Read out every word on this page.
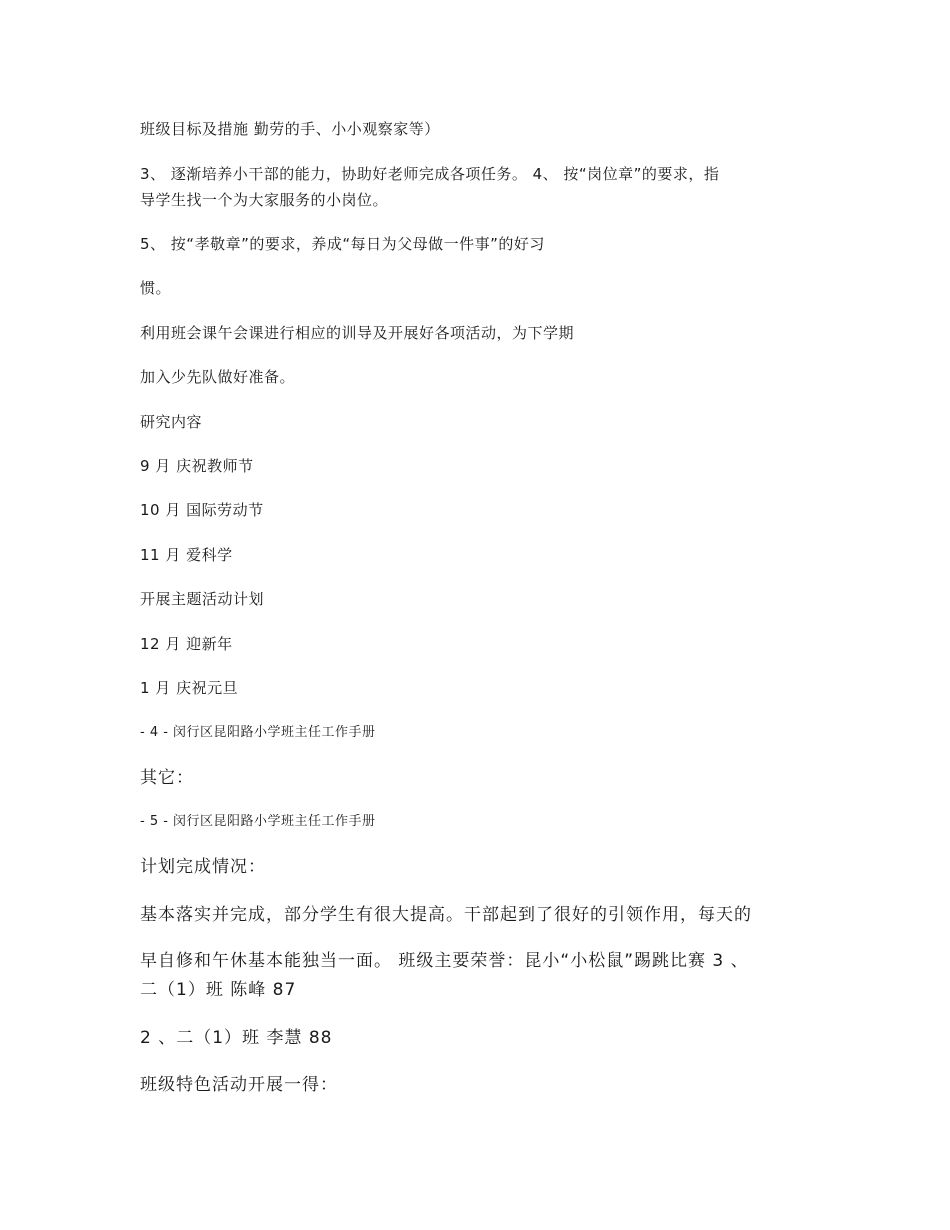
班级目标及措施 勤劳的手、小小观察家等）
3、 逐渐培养小干部的能力，协助好老师完成各项任务。 4、 按“岗位章”的要求，指
导学生找一个为大家服务的小岗位。
5、 按“孝敬章”的要求，养成“每日为父母做一件事”的好习
惯。
利用班会课午会课进行相应的训导及开展好各项活动，为下学期
加入少先队做好准备。
研究内容
9 月 庆祝教师节
10 月 国际劳动节
11 月 爱科学
开展主题活动计划
12 月 迎新年
1 月 庆祝元旦
- 4 - 闵行区昆阳路小学班主任工作手册
其它：
- 5 - 闵行区昆阳路小学班主任工作手册
计划完成情况：
基本落实并完成，部分学生有很大提高。干部起到了很好的引领作用，每天的
早自修和午休基本能独当一面。 班级主要荣誉：昆小“小松鼠”踢跳比赛 3 、
二（1）班 陈峰 87
2 、二（1）班 李慧 88
班级特色活动开展一得：
